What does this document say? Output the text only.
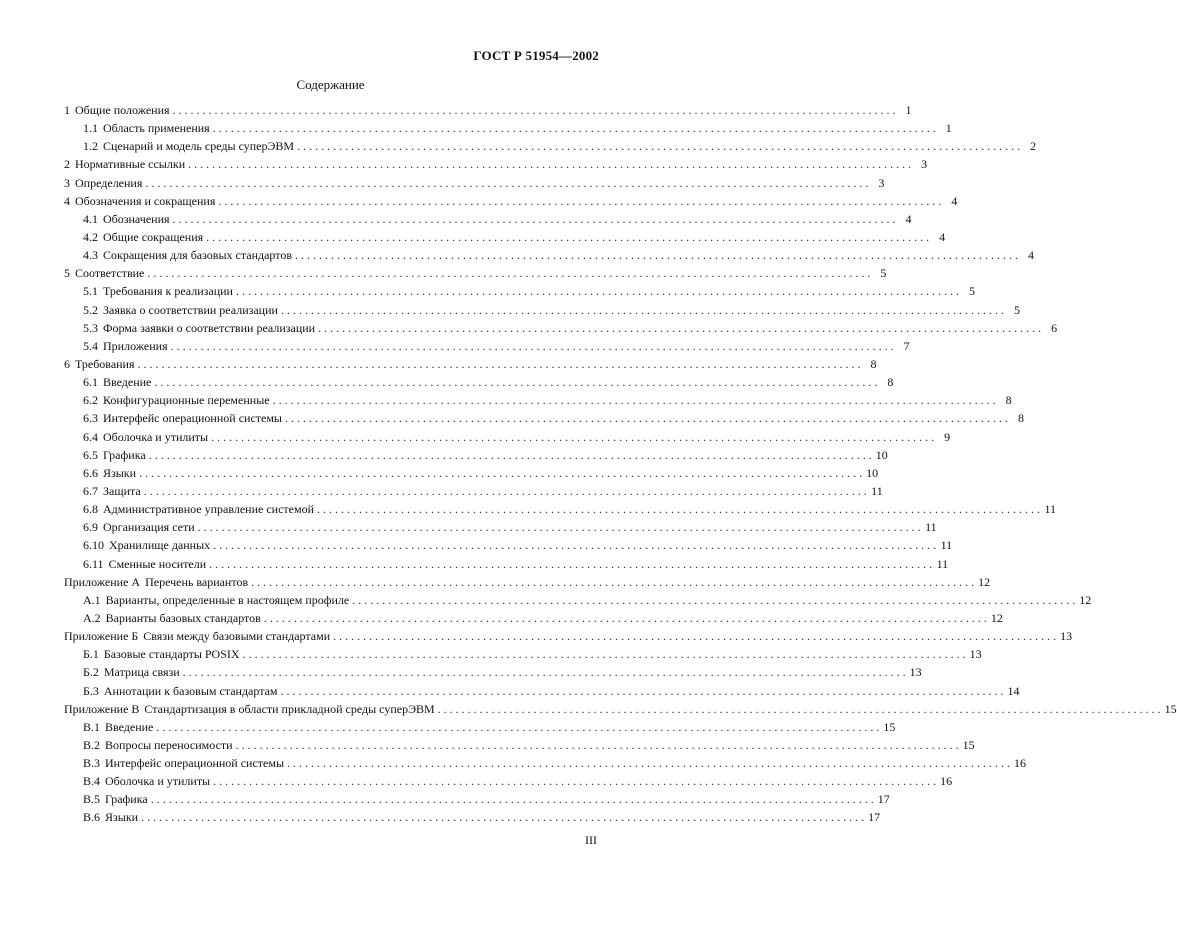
ГОСТ Р 51954—2002
Содержание
1 Общие положения . . .	1
1.1 Область применения . . .	1
1.2 Сценарий и модель среды суперЭВМ . . .	2
2 Нормативные ссылки . . .	3
3 Определения . . .	3
4 Обозначения и сокращения . . .	4
4.1 Обозначения . . .	4
4.2 Общие сокращения . . .	4
4.3 Сокращения для базовых стандартов . . .	4
5 Соответствие . . .	5
5.1 Требования к реализации . . .	5
5.2 Заявка о соответствии реализации . . .	5
5.3 Форма заявки о соответствии реализации . . .	6
5.4 Приложения . . .	7
6 Требования . . .	8
6.1 Введение . . .	8
6.2 Конфигурационные переменные . . .	8
6.3 Интерфейс операционной системы . . .	8
6.4 Оболочка и утилиты . . .	9
6.5 Графика . . .	10
6.6 Языки . . .	10
6.7 Защита . . .	11
6.8 Административное управление системой . . .	11
6.9 Организация сети . . .	11
6.10 Хранилище данных . . .	11
6.11 Сменные носители . . .	11
Приложение А Перечень вариантов . . .	12
А.1 Варианты, определенные в настоящем профиле . . .	12
А.2 Варианты базовых стандартов . . .	12
Приложение Б Связи между базовыми стандартами . . .	13
Б.1 Базовые стандарты POSIX . . .	13
Б.2 Матрица связи . . .	13
Б.3 Аннотации к базовым стандартам . . .	14
Приложение В Стандартизация в области прикладной среды суперЭВМ . . .	15
В.1 Введение . . .	15
В.2 Вопросы переносимости . . .	15
В.3 Интерфейс операционной системы . . .	16
В.4 Оболочка и утилиты . . .	16
В.5 Графика . . .	17
В.6 Языки . . .	17
III
